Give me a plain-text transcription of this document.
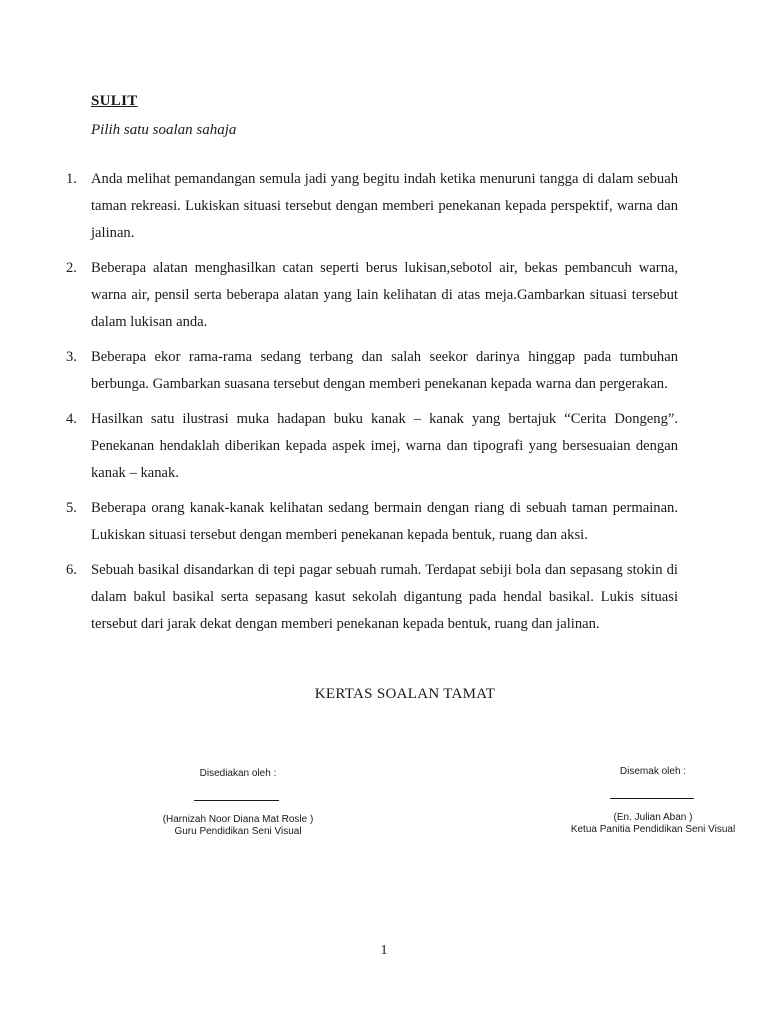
SULIT
Pilih satu soalan sahaja
1. Anda melihat pemandangan semula jadi yang begitu indah ketika menuruni tangga di dalam sebuah taman rekreasi. Lukiskan situasi tersebut dengan memberi penekanan kepada perspektif, warna dan jalinan.
2. Beberapa alatan menghasilkan catan seperti berus lukisan,sebotol air, bekas pembancuh warna, warna air, pensil serta beberapa alatan yang lain kelihatan di atas meja.Gambarkan situasi tersebut dalam lukisan anda.
3. Beberapa ekor rama-rama sedang terbang dan salah seekor darinya hinggap pada tumbuhan berbunga. Gambarkan suasana tersebut dengan memberi penekanan kepada warna dan pergerakan.
4. Hasilkan satu ilustrasi muka hadapan buku kanak – kanak yang bertajuk “Cerita Dongeng”. Penekanan hendaklah diberikan kepada aspek imej, warna dan tipografi yang bersesuaian dengan kanak – kanak.
5. Beberapa orang kanak-kanak kelihatan sedang bermain dengan riang di sebuah taman permainan. Lukiskan situasi tersebut dengan memberi penekanan kepada bentuk, ruang dan aksi.
6. Sebuah basikal disandarkan di tepi pagar sebuah rumah. Terdapat sebiji bola dan sepasang stokin di dalam bakul basikal serta sepasang kasut sekolah digantung pada hendal basikal. Lukis situasi tersebut dari jarak dekat dengan memberi penekanan kepada bentuk, ruang dan jalinan.
KERTAS SOALAN TAMAT
Disediakan oleh :
(Harnizah Noor Diana Mat Rosle )
Guru Pendidikan Seni Visual
Disemak oleh :
(En. Julian Aban )
Ketua Panitia Pendidikan Seni Visual
1
